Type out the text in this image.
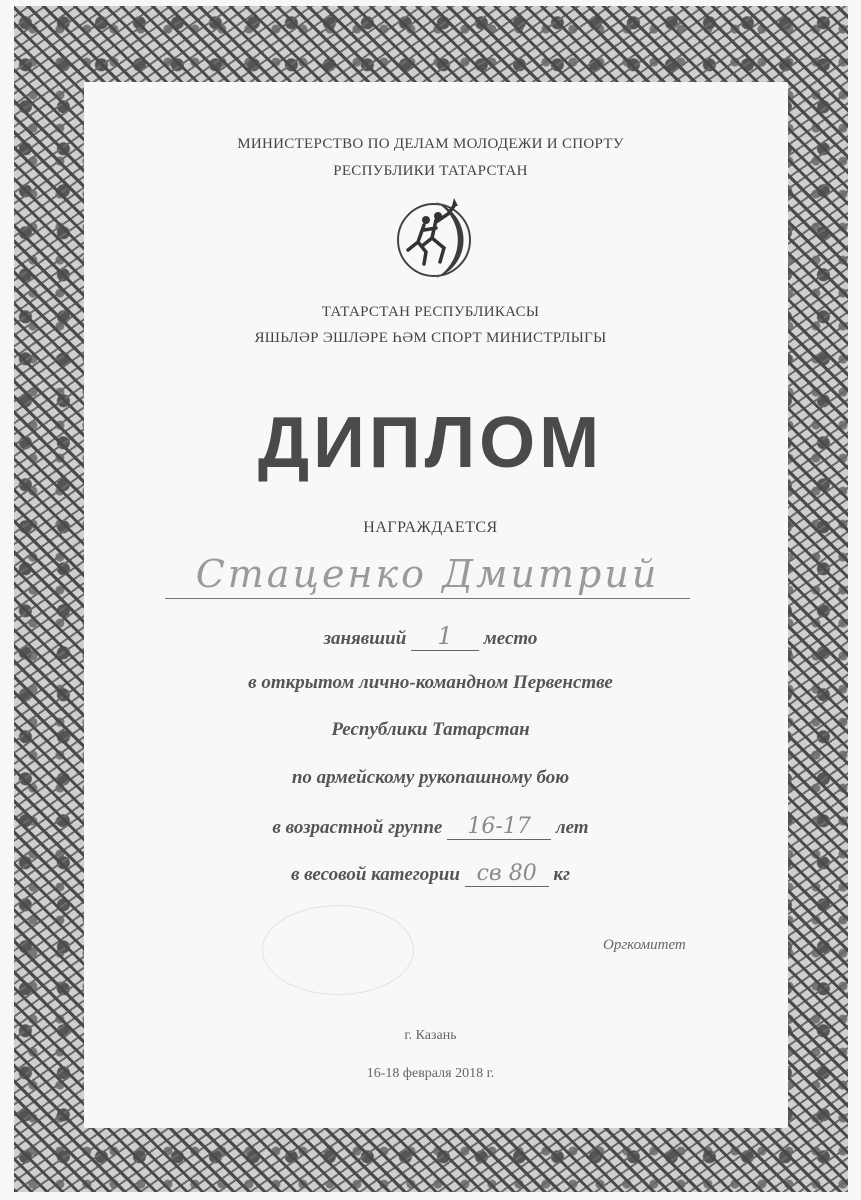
МИНИСТЕРСТВО ПО ДЕЛАМ МОЛОДЕЖИ И СПОРТУ
РЕСПУБЛИКИ ТАТАРСТАН
ТАТАРСТАН РЕСПУБЛИКАСЫ
ЯШЬЛӘР ЭШЛӘРЕ ҺӘМ СПОРТ МИНИСТРЛЫГЫ
ДИПЛОМ
НАГРАЖДАЕТСЯ
Стаценко Дмитрий
занявший 1 место
в открытом лично-командном Первенстве
Республики Татарстан
по армейскому рукопашному бою
в возрастной группе 16-17 лет
в весовой категории св 80 кг
Оргкомитет
г. Казань
16-18 февраля 2018 г.
